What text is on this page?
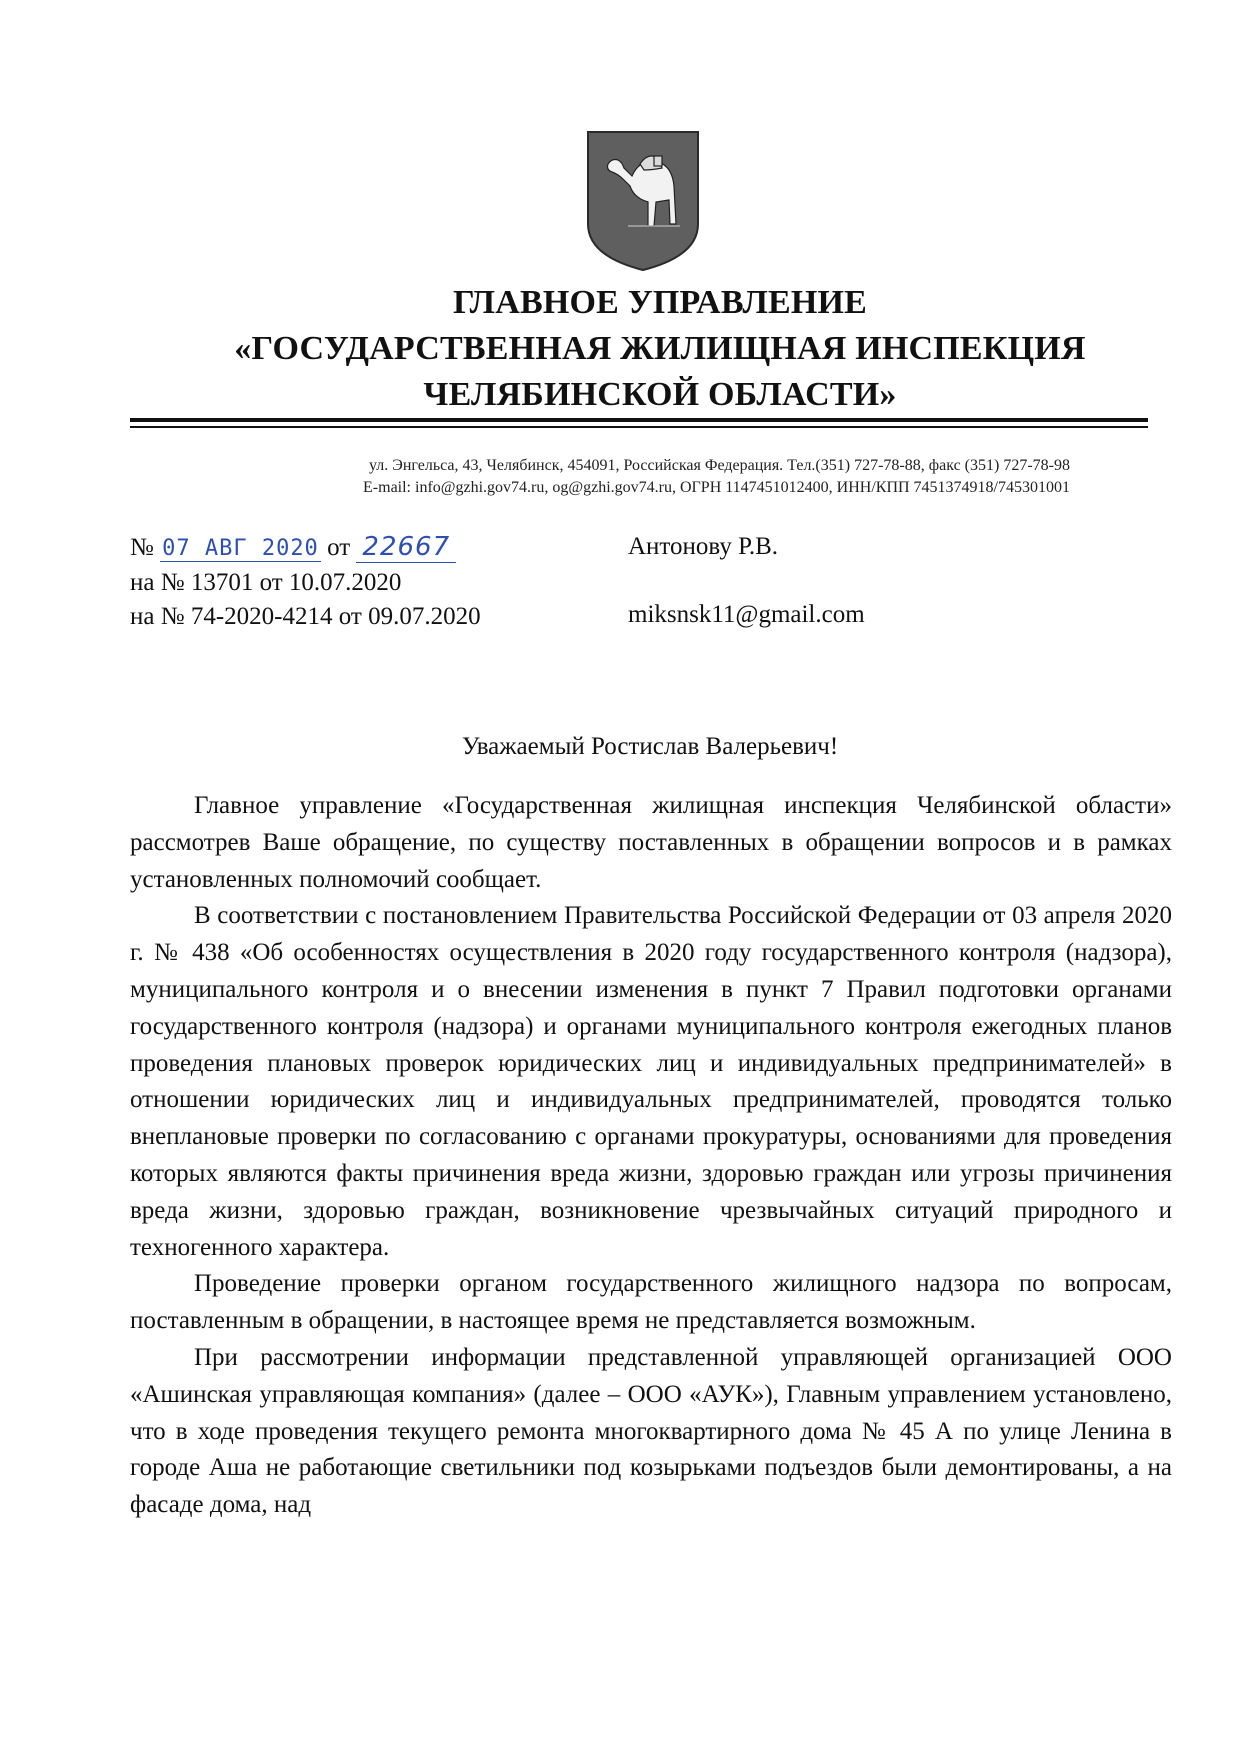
ГЛАВНОЕ УПРАВЛЕНИЕ
«ГОСУДАРСТВЕННАЯ ЖИЛИЩНАЯ ИНСПЕКЦИЯ
ЧЕЛЯБИНСКОЙ ОБЛАСТИ»
ул. Энгельса, 43, Челябинск, 454091, Российская Федерация. Тел.(351) 727-78-88, факс (351) 727-78-98
E-mail: info@gzhi.gov74.ru, og@gzhi.gov74.ru, ОГРН 1147451012400, ИНН/КПП 7451374918/745301001
№ 07 АВГ 2020 от 22667
на № 13701 от 10.07.2020
на № 74-2020-4214 от 09.07.2020
Антонову Р.В.
miksnsk11@gmail.com
Уважаемый Ростислав Валерьевич!

Главное управление «Государственная жилищная инспекция Челябинской области» рассмотрев Ваше обращение, по существу поставленных в обращении вопросов и в рамках установленных полномочий сообщает.

В соответствии с постановлением Правительства Российской Федерации от 03 апреля 2020 г. № 438 «Об особенностях осуществления в 2020 году государственного контроля (надзора), муниципального контроля и о внесении изменения в пункт 7 Правил подготовки органами государственного контроля (надзора) и органами муниципального контроля ежегодных планов проведения плановых проверок юридических лиц и индивидуальных предпринимателей» в отношении юридических лиц и индивидуальных предпринимателей, проводятся только внеплановые проверки по согласованию с органами прокуратуры, основаниями для проведения которых являются факты причинения вреда жизни, здоровью граждан или угрозы причинения вреда жизни, здоровью граждан, возникновение чрезвычайных ситуаций природного и техногенного характера.

Проведение проверки органом государственного жилищного надзора по вопросам, поставленным в обращении, в настоящее время не представляется возможным.

При рассмотрении информации представленной управляющей организацией ООО «Ашинская управляющая компания» (далее – ООО «АУК»), Главным управлением установлено, что в ходе проведения текущего ремонта многоквартирного дома № 45 А по улице Ленина в городе Аша не работающие светильники под козырьками подъездов были демонтированы, а на фасаде дома, над
